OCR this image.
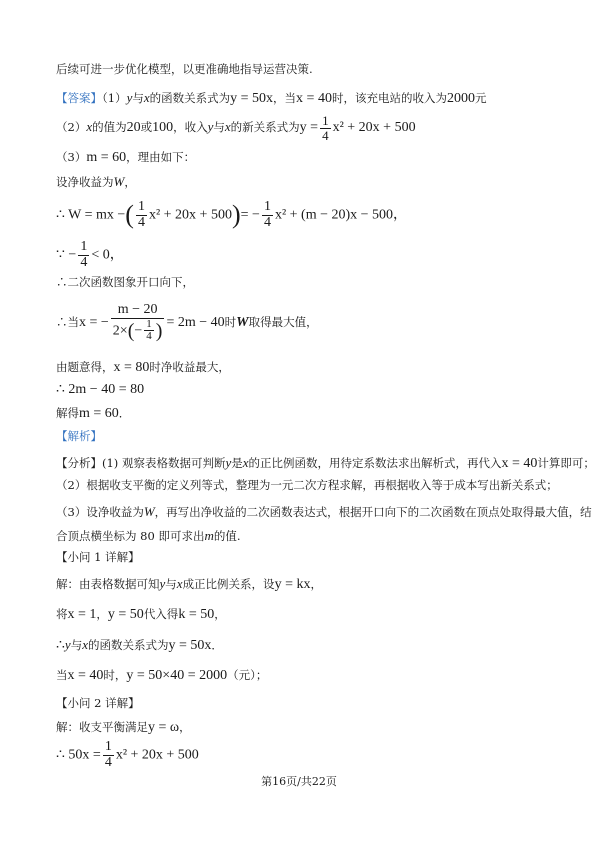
后续可进一步优化模型，以更准确地指导运营决策.
【答案】（1）y与x的函数关系式为y = 50x，当x = 40时，该充电站的收入为2000元
（2）x的值为20或100，收入y与x的新关系式为$y = \frac{1}{4} x^2 + 20x + 500$
（3）m = 60，理由如下：
设净收益为W，
∴ W = mx −( $\frac{1}{4} x^2 + 20x + 500)= - \frac{1}{4} x^2 + (m - 20)x - 500$，
∵ − $\frac{1}{4} < 0$，
∴二次函数图象开口向下，
∴当x = − $\frac{m - 20}{2\times(- \frac{1}{4} )} = 2m - 40$时W取得最大值，
由题意得，x = 80时净收益最大，
∴ 2m − 40 = 80
解得m = 60．
【解析】
【分析】(1) 观察表格数据可判断y是x的正比例函数，用待定系数法求出解析式，再代入x = 40计算即可；
（2）根据收支平衡的定义列等式，整理为一元二次方程求解，再根据收入等于成本写出新关系式；
（3）设净收益为W，再写出净收益的二次函数表达式，根据开口向下的二次函数在顶点处取得最大值，结
合顶点横坐标为 80 即可求出m的值.
【小问 1 详解】
解：由表格数据可知y与x成正比例关系，设y = kx，
将x = 1，y = 50代入得k = 50，
∴y与x的函数关系式为y = 50x．
当x = 40时，y = 50×40 = 2000（元）；
【小问 2 详解】
解：收支平衡满足y = ω，
∴ $50x = \frac{1}{4} x^2 + 20x + 500$
第16页/共22页
